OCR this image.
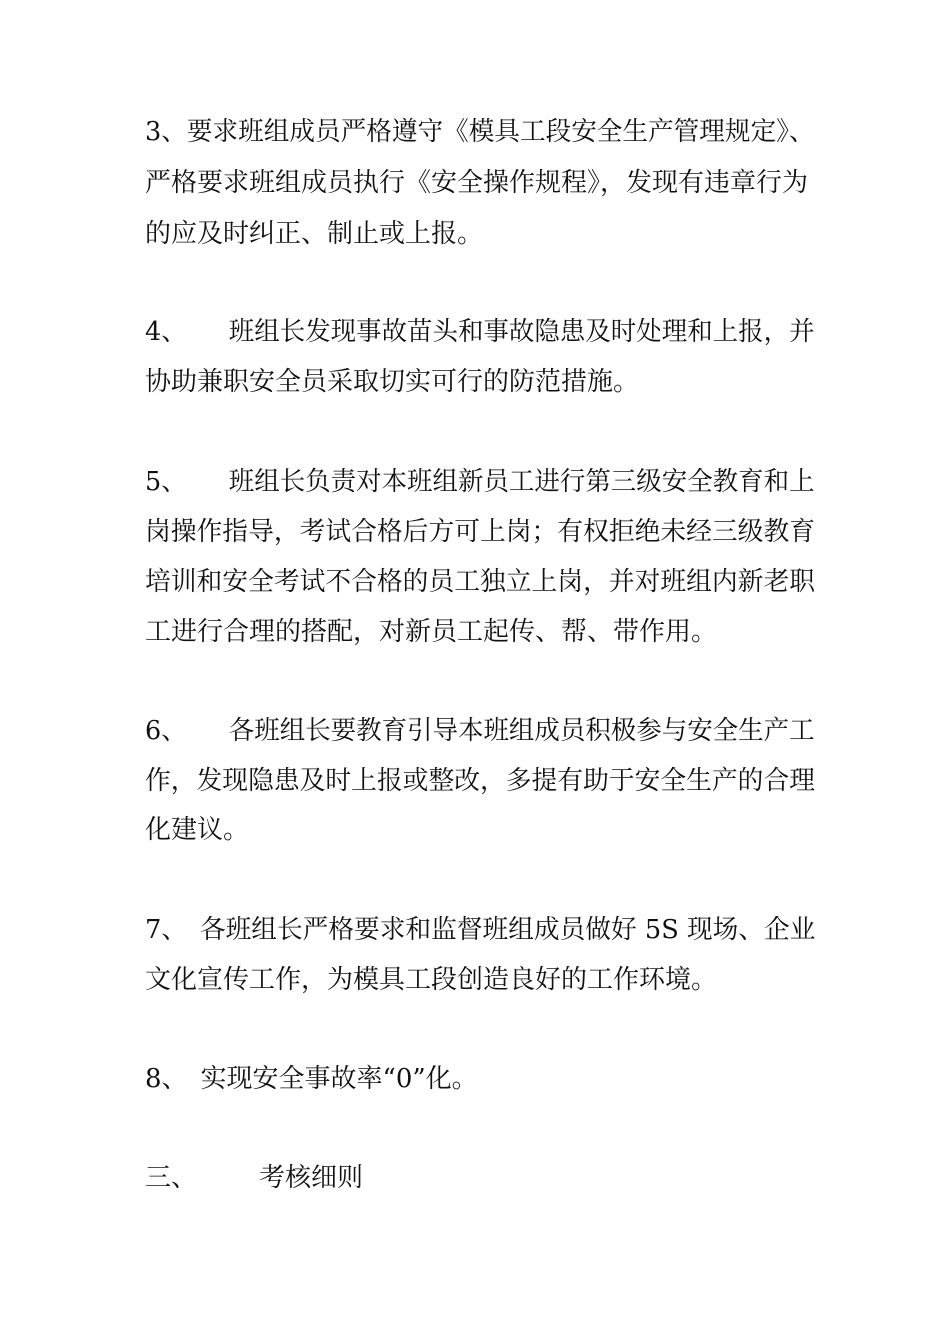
3、要求班组成员严格遵守《模具工段安全生产管理规定》、
严格要求班组成员执行《安全操作规程》，发现有违章行为
的应及时纠正、制止或上报。
4、 班组长发现事故苗头和事故隐患及时处理和上报，并
协助兼职安全员采取切实可行的防范措施。
5、 班组长负责对本班组新员工进行第三级安全教育和上
岗操作指导，考试合格后方可上岗；有权拒绝未经三级教育
培训和安全考试不合格的员工独立上岗，并对班组内新老职
工进行合理的搭配，对新员工起传、帮、带作用。
6、 各班组长要教育引导本班组成员积极参与安全生产工
作，发现隐患及时上报或整改，多提有助于安全生产的合理
化建议。
7、 各班组长严格要求和监督班组成员做好 5S 现场、企业
文化宣传工作，为模具工段创造良好的工作环境。
8、 实现安全事故率“0”化。
三、 考核细则
